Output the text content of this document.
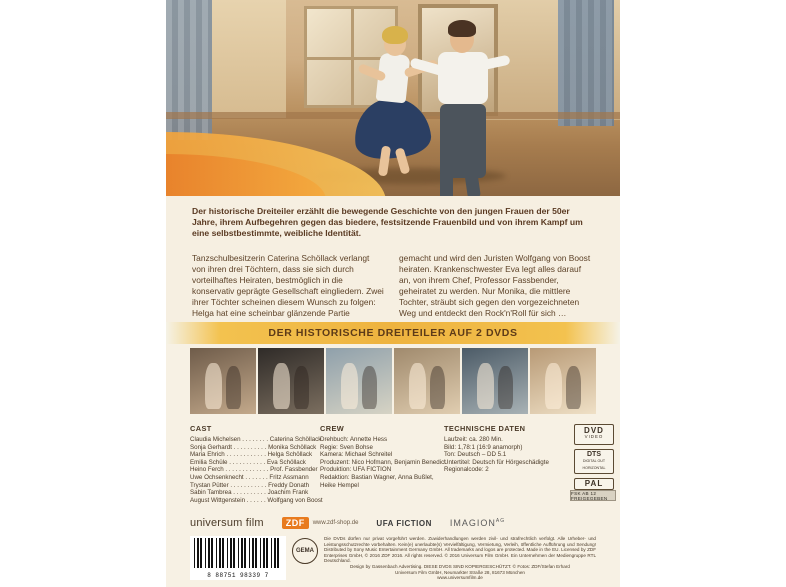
Der historische Dreiteiler erzählt die bewegende Geschichte von den jungen Frauen der 50er Jahre, ihrem Aufbegehren gegen das biedere, festsitzende Frauenbild und von ihrem Kampf um eine selbstbestimmte, weibliche Identität.

Tanzschulbesitzerin Caterina Schöllack verlangt von ihren drei Töchtern, dass sie sich durch vorteilhaftes Heiraten, bestmöglich in die konservativ geprägte Gesellschaft eingliedern. Zwei ihrer Töchter scheinen diesem Wunsch zu folgen: Helga hat eine scheinbar glänzende Partie

gemacht und wird den Juristen Wolfgang von Boost heiraten. Krankenschwester Eva legt alles darauf an, von ihrem Chef, Professor Fassbender, geheiratet zu werden. Nur Monika, die mittlere Tochter, sträubt sich gegen den vorgezeichneten Weg und entdeckt den Rock'n'Roll für sich …

DER HISTORISCHE DREITEILER AUF 2 DVDS
CAST
Claudia Michelsen . . . . . . . . Caterina Schöllack
Sonja Gerhardt . . . . . . . . . . Monika Schöllack
Maria Ehrich . . . . . . . . . . . . Helga Schöllack
Emilia Schüle . . . . . . . . . . . Eva Schöllack
Heino Ferch . . . . . . . . . . . . . Prof. Fassbender
Uwe Ochsenknecht . . . . . . . Fritz Assmann
Trystan Pütter . . . . . . . . . . . Freddy Donath
Sabin Tambrea . . . . . . . . . . Joachim Frank
August Wittgenstein . . . . . . Wolfgang von Boost
CREW
Drehbuch: Annette Hess
Regie: Sven Bohse
Kamera: Michael Schreitel
Produzent: Nico Hofmann, Benjamin Benedict
Produktion: UFA FICTION
Redaktion: Bastian Wagner, Anna Bußlet,
Heike Hempel
TECHNISCHE DATEN
Laufzeit: ca. 280 Min.
Bild: 1,78:1 (16:9 anamorph)
Ton: Deutsch – DD 5.1
Untertitel: Deutsch für Hörgeschädigte
Regionalcode: 2
DVD
VIDEO
DTS
DIGITAL OUT
HORIZONTAL
PAL
FSK AB 12 FREIGEGEBEN
universum film	ZDF	www.zdf-shop.de UFA FICTION $IMAGION^{AG}$
8 88751 98339 7
GEMA
Die DVDs dürfen nur privat vorgeführt werden. Zuwiderhandlungen werden zivil- und strafrechtlich verfolgt. Alle Urheber- und Leistungsschutzrechte vorbehalten. Kein(e) unerlaubte(s) Vervielfältigung, Vermietung, Verleih, öffentliche Aufführung und Sendung! Distributed by Sony Music Entertainment Germany GmbH. All trademarks and logos are protected. Made in the EU. Licensed by ZDF Enterprises GmbH, © 2016 ZDF 2016. All rights reserved. © 2016 Universum Film GmbH. Ein Unternehmen der Mediengruppe RTL Deutschland.
Design by Gassenbach Advertising. DIESE DVDS SIND KOPIERGESCHÜTZT. © Fotos: ZDF/Stefan Erhard
Universum Film GmbH, Neumarkter Straße 28, 81673 München
www.universumfilm.de
